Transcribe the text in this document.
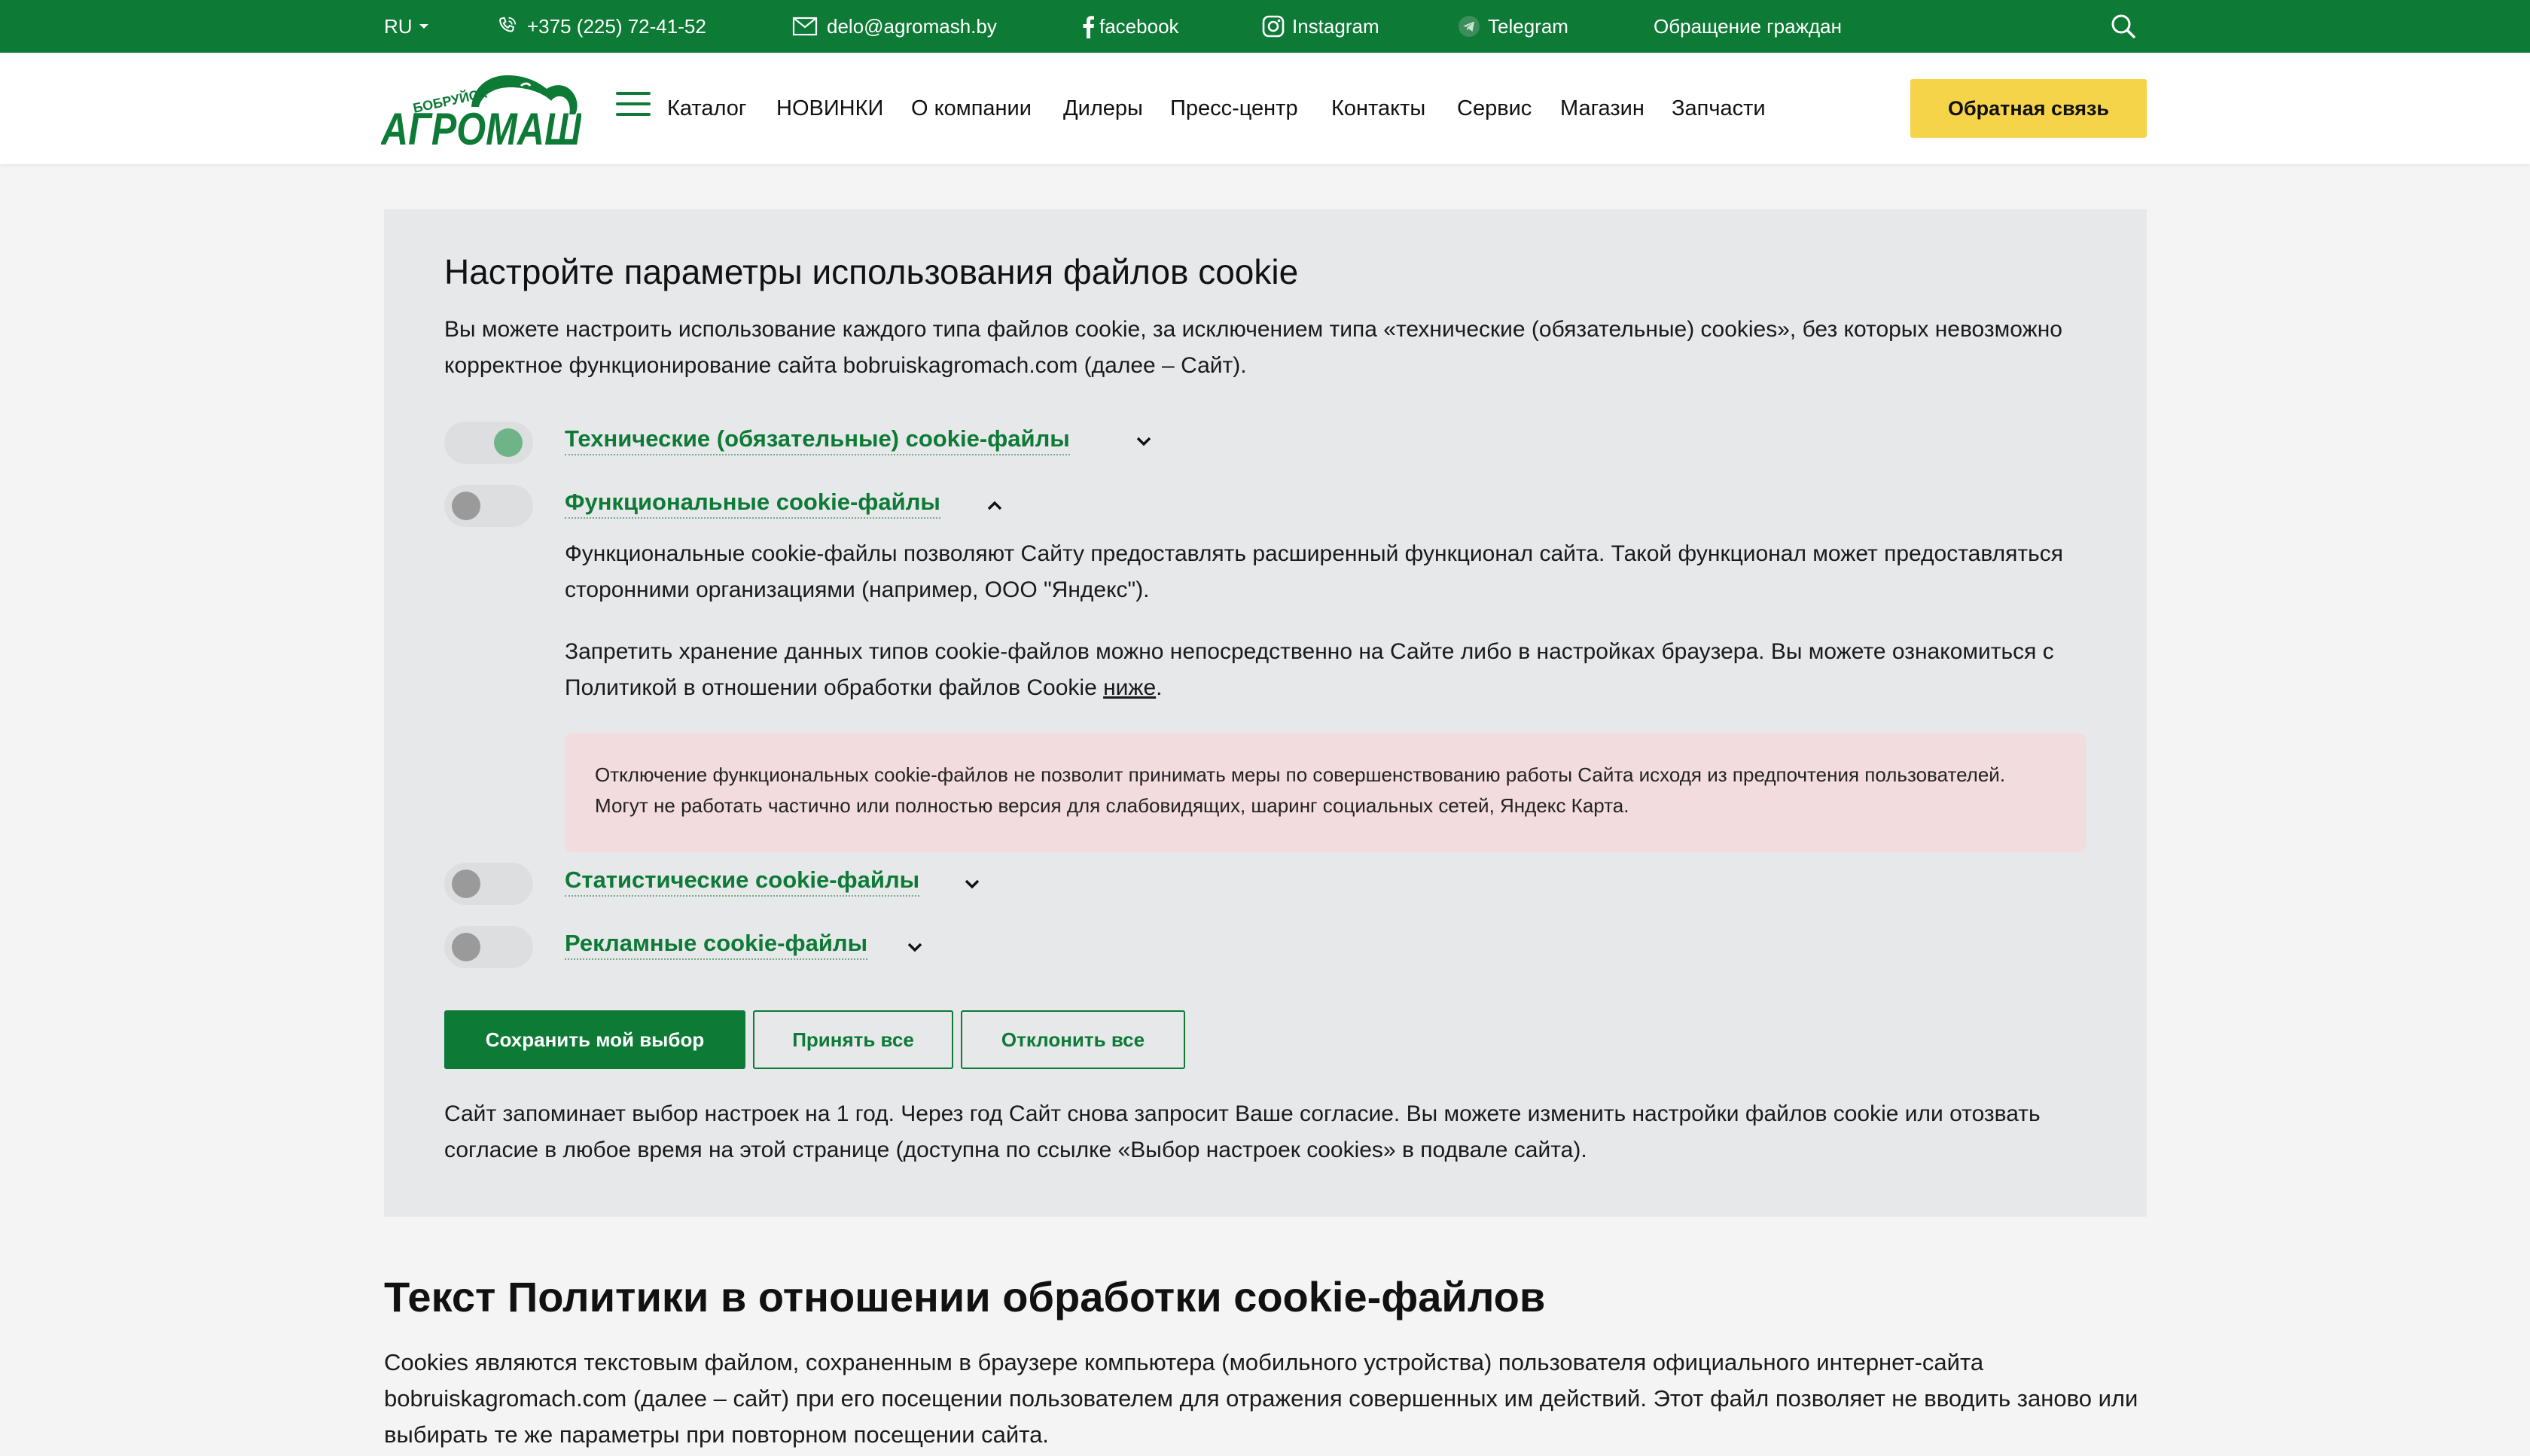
RU	+375 (225) 72-41-52	delo@agromash.by	facebook	Instagram	Telegram	Обращение граждан
БОБРУЙСК
АГРОМАШ	Каталог НОВИНКИ О компании Дилеры Пресс-центр Контакты Сервис Магазин Запчасти	Обратная связь
Настройте параметры использования файлов cookie
Вы можете настроить использование каждого типа файлов cookie, за исключением типа «технические (обязательные) cookies», без которых невозможно корректное функционирование сайта bobruiskagromach.com (далее – Сайт).
Технические (обязательные) cookie-файлы
Функциональные cookie-файлы
Функциональные cookie-файлы позволяют Сайту предоставлять расширенный функционал сайта. Такой функционал может предоставляться сторонними организациями (например, ООО "Яндекс").
Запретить хранение данных типов cookie-файлов можно непосредственно на Сайте либо в настройках браузера. Вы можете ознакомиться с Политикой в отношении обработки файлов Cookie ниже.
Отключение функциональных cookie-файлов не позволит принимать меры по совершенствованию работы Сайта исходя из предпочтения пользователей. Могут не работать частично или полностью версия для слабовидящих, шаринг социальных сетей, Яндекс Карта.
Статистические cookie-файлы
Рекламные cookie-файлы
Сохранить мой выбор	Принять все	Отклонить все
Сайт запоминает выбор настроек на 1 год. Через год Сайт снова запросит Ваше согласие. Вы можете изменить настройки файлов cookie или отозвать согласие в любое время на этой странице (доступна по ссылке «Выбор настроек cookies» в подвале сайта).
Текст Политики в отношении обработки cookie-файлов
Cookies являются текстовым файлом, сохраненным в браузере компьютера (мобильного устройства) пользователя официального интернет-сайта bobruiskagromach.com (далее – сайт) при его посещении пользователем для отражения совершенных им действий. Этот файл позволяет не вводить заново или выбирать те же параметры при повторном посещении сайта.
